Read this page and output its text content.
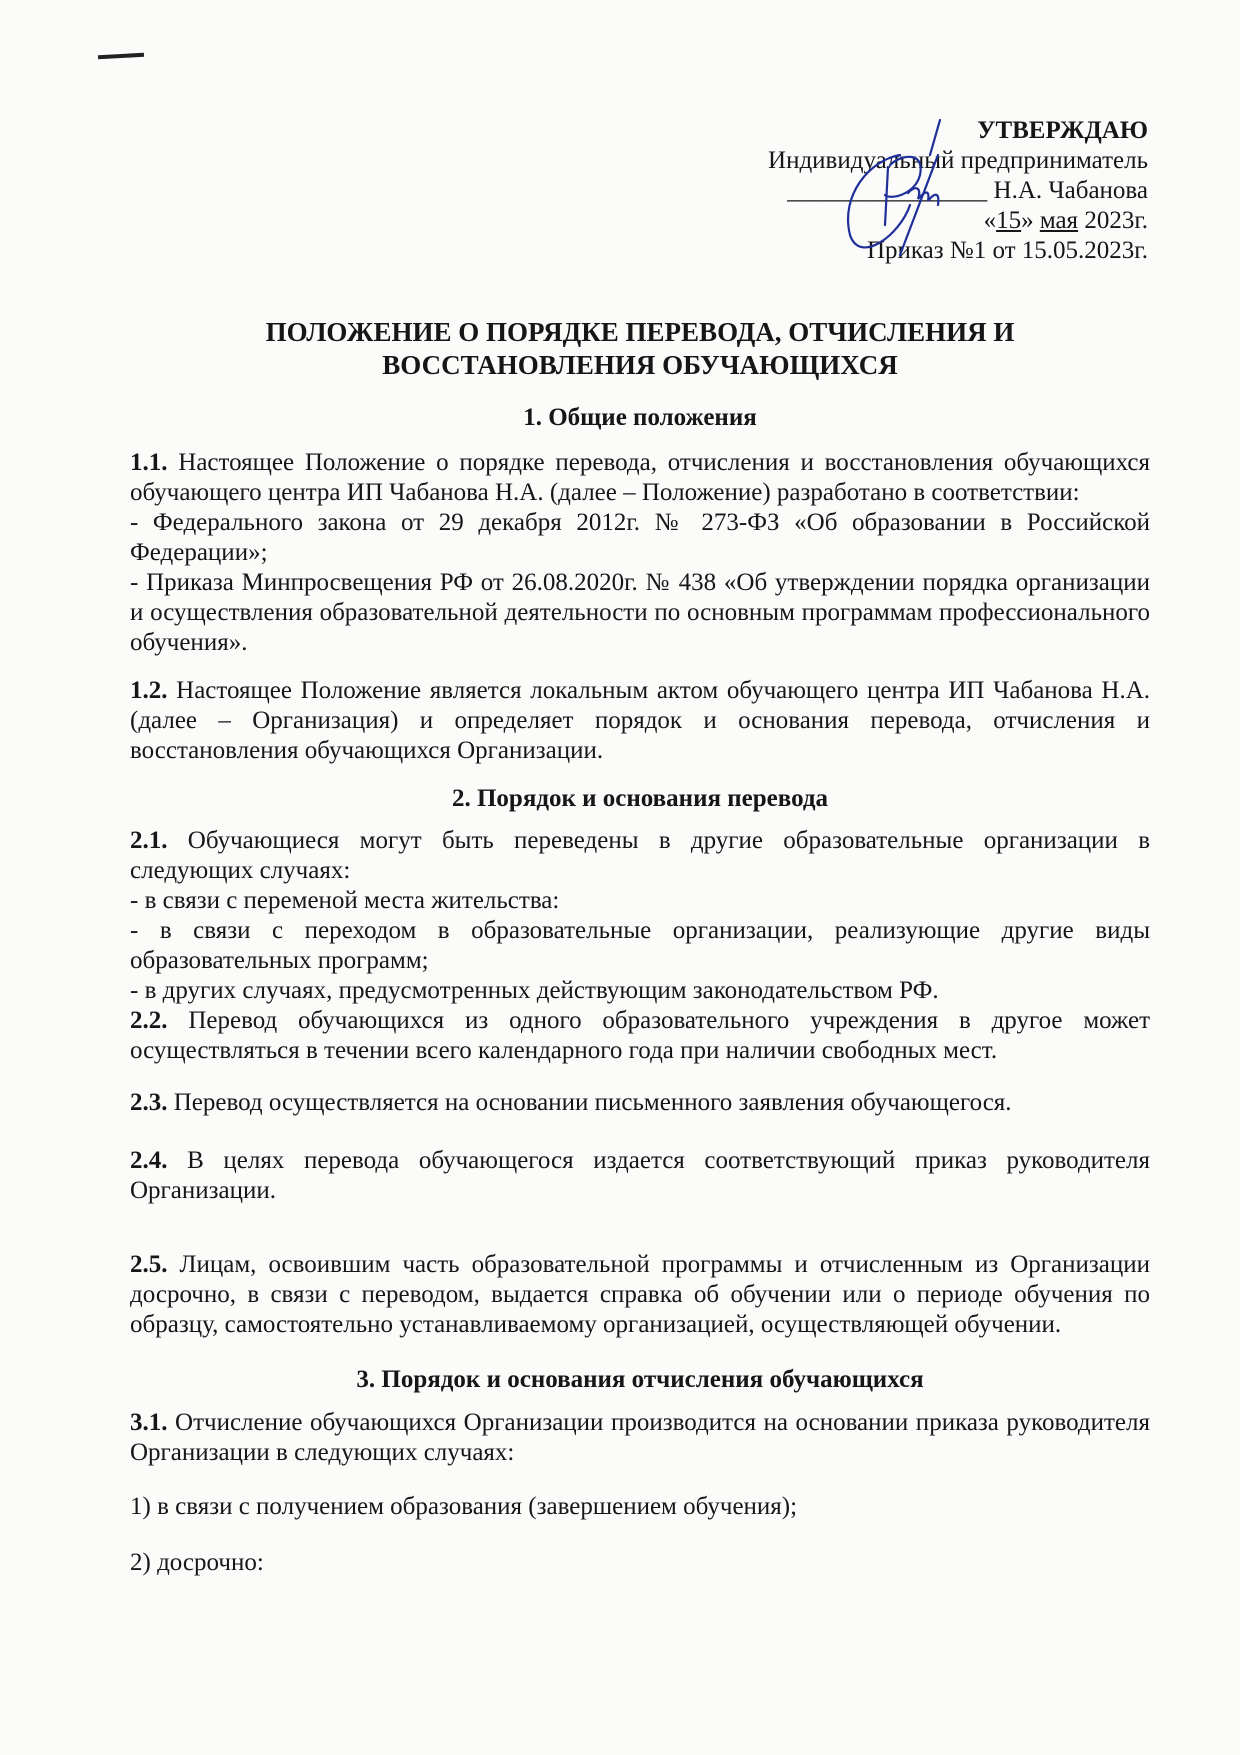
УТВЕРЖДАЮ
Индивидуальный предприниматель
________________ Н.А. Чабанова
«15» мая 2023г.
Приказ №1 от 15.05.2023г.
ПОЛОЖЕНИЕ О ПОРЯДКЕ ПЕРЕВОДА, ОТЧИСЛЕНИЯ И
ВОССТАНОВЛЕНИЯ ОБУЧАЮЩИХСЯ
1. Общие положения
1.1. Настоящее Положение о порядке перевода, отчисления и восстановления обучающихся обучающего центра ИП Чабанова Н.А. (далее – Положение) разработано в соответствии:
- Федерального закона от 29 декабря 2012г. № 273-ФЗ «Об образовании в Российской Федерации»;
- Приказа Минпросвещения РФ от 26.08.2020г. № 438 «Об утверждении порядка организации и осуществления образовательной деятельности по основным программам профессионального обучения».
1.2. Настоящее Положение является локальным актом обучающего центра ИП Чабанова Н.А. (далее – Организация) и определяет порядок и основания перевода, отчисления и восстановления обучающихся Организации.
2. Порядок и основания перевода
2.1. Обучающиеся могут быть переведены в другие образовательные организации в следующих случаях:
- в связи с переменой места жительства:
- в связи с переходом в образовательные организации, реализующие другие виды образовательных программ;
- в других случаях, предусмотренных действующим законодательством РФ.
2.2. Перевод обучающихся из одного образовательного учреждения в другое может осуществляться в течении всего календарного года при наличии свободных мест.
2.3. Перевод осуществляется на основании письменного заявления обучающегося.
2.4. В целях перевода обучающегося издается соответствующий приказ руководителя Организации.
2.5. Лицам, освоившим часть образовательной программы и отчисленным из Организации досрочно, в связи с переводом, выдается справка об обучении или о периоде обучения по образцу, самостоятельно устанавливаемому организацией, осуществляющей обучении.
3. Порядок и основания отчисления обучающихся
3.1. Отчисление обучающихся Организации производится на основании приказа руководителя Организации в следующих случаях:
1) в связи с получением образования (завершением обучения);
2) досрочно:
